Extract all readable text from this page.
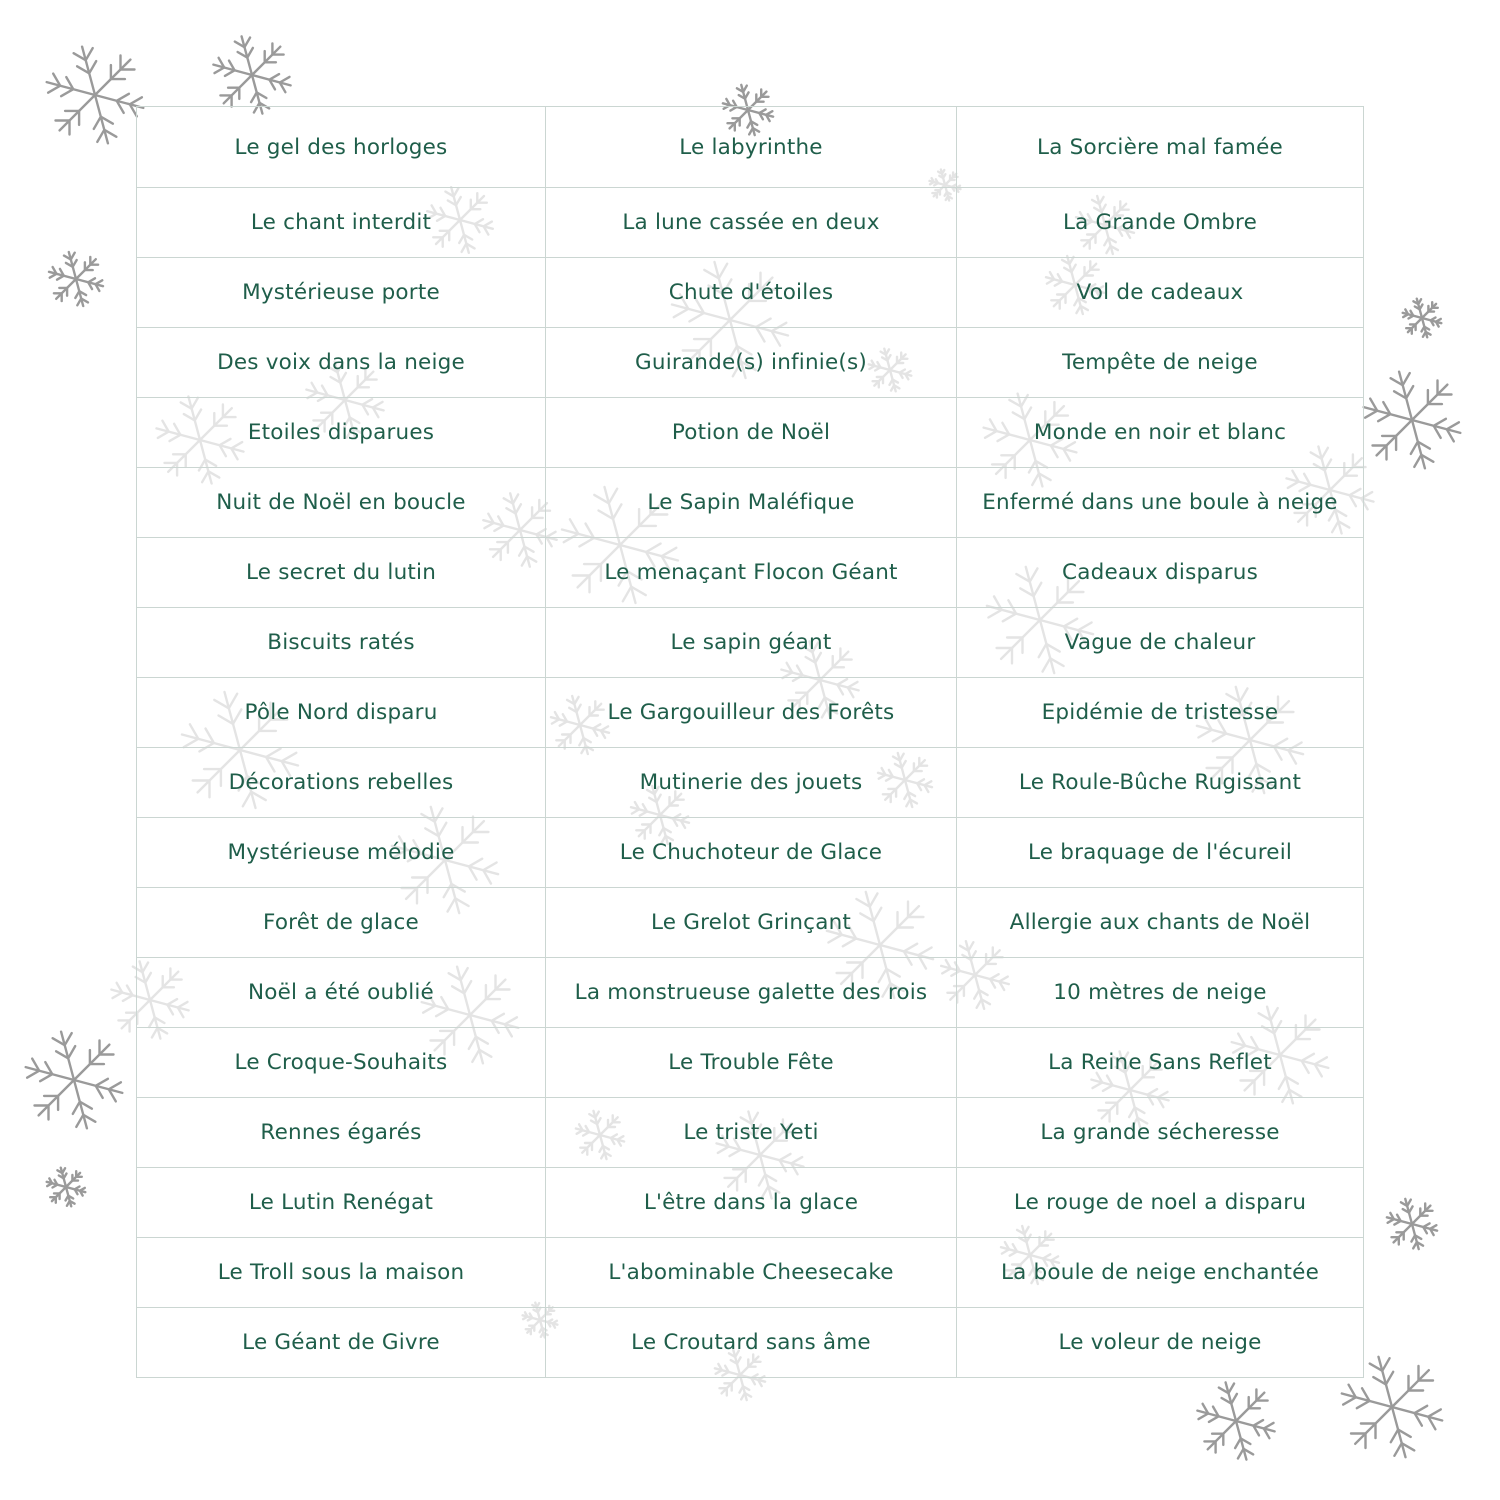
Le gel des horloges	Le labyrinthe	La Sorcière mal famée
Le chant interdit	La lune cassée en deux	La Grande Ombre
Mystérieuse porte	Chute d'étoiles	Vol de cadeaux
Des voix dans la neige	Guirande(s) infinie(s)	Tempête de neige
Etoiles disparues	Potion de Noël	Monde en noir et blanc
Nuit de Noël en boucle	Le Sapin Maléfique	Enfermé dans une boule à neige
Le secret du lutin	Le menaçant Flocon Géant	Cadeaux disparus
Biscuits ratés	Le sapin géant	Vague de chaleur
Pôle Nord disparu	Le Gargouilleur des Forêts	Epidémie de tristesse
Décorations rebelles	Mutinerie des jouets	Le Roule-Bûche Rugissant
Mystérieuse mélodie	Le Chuchoteur de Glace	Le braquage de l'écureil
Forêt de glace	Le Grelot Grinçant	Allergie aux chants de Noël
Noël a été oublié	La monstrueuse galette des rois	10 mètres de neige
Le Croque-Souhaits	Le Trouble Fête	La Reine Sans Reflet
Rennes égarés	Le triste Yeti	La grande sécheresse
Le Lutin Renégat	L'être dans la glace	Le rouge de noel a disparu
Le Troll sous la maison	L'abominable Cheesecake	La boule de neige enchantée
Le Géant de Givre	Le Croutard sans âme	Le voleur de neige
